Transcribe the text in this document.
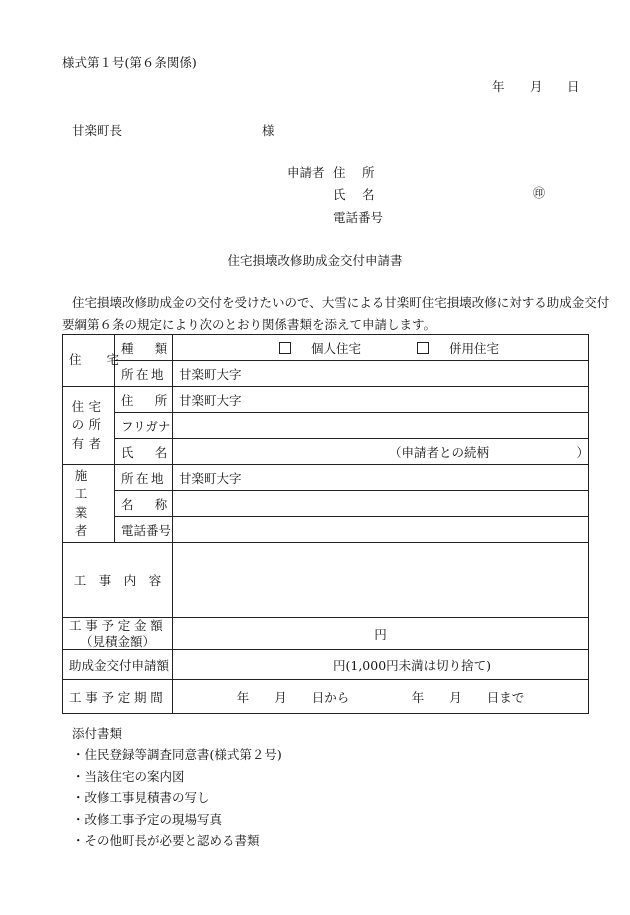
様式第１号(第６条関係)
年 月 日
甘楽町長	様
申請者 住　 所
氏　 名	㊞
電話番号
住宅損壊改修助成金交付申請書
住宅損壊改修助成金の交付を受けたいので、大雪による甘楽町住宅損壊改修に対する助成金交付
要綱第６条の規定により次のとおり関係書類を添えて申請します。
住　宅	種　類	個人住宅 併用住宅
	所在地	甘楽町大字
住宅の所有者	住　所	甘楽町大字
	フリガナ	
	氏　名	（申請者との続柄　　　　　　　）
施工業者	所在地	甘楽町大字
	名　称	
	電話番号	
工　事　内　容		

工事予定金額
（見積金額）		円
助成金交付申請額		円(1,000円未満は切り捨て)
工事予定期間		年　　月　　日から　　　　　年　　月　　日まで
添付書類
・住民登録等調査同意書(様式第２号)
・当該住宅の案内図
・改修工事見積書の写し
・改修工事予定の現場写真
・その他町長が必要と認める書類
